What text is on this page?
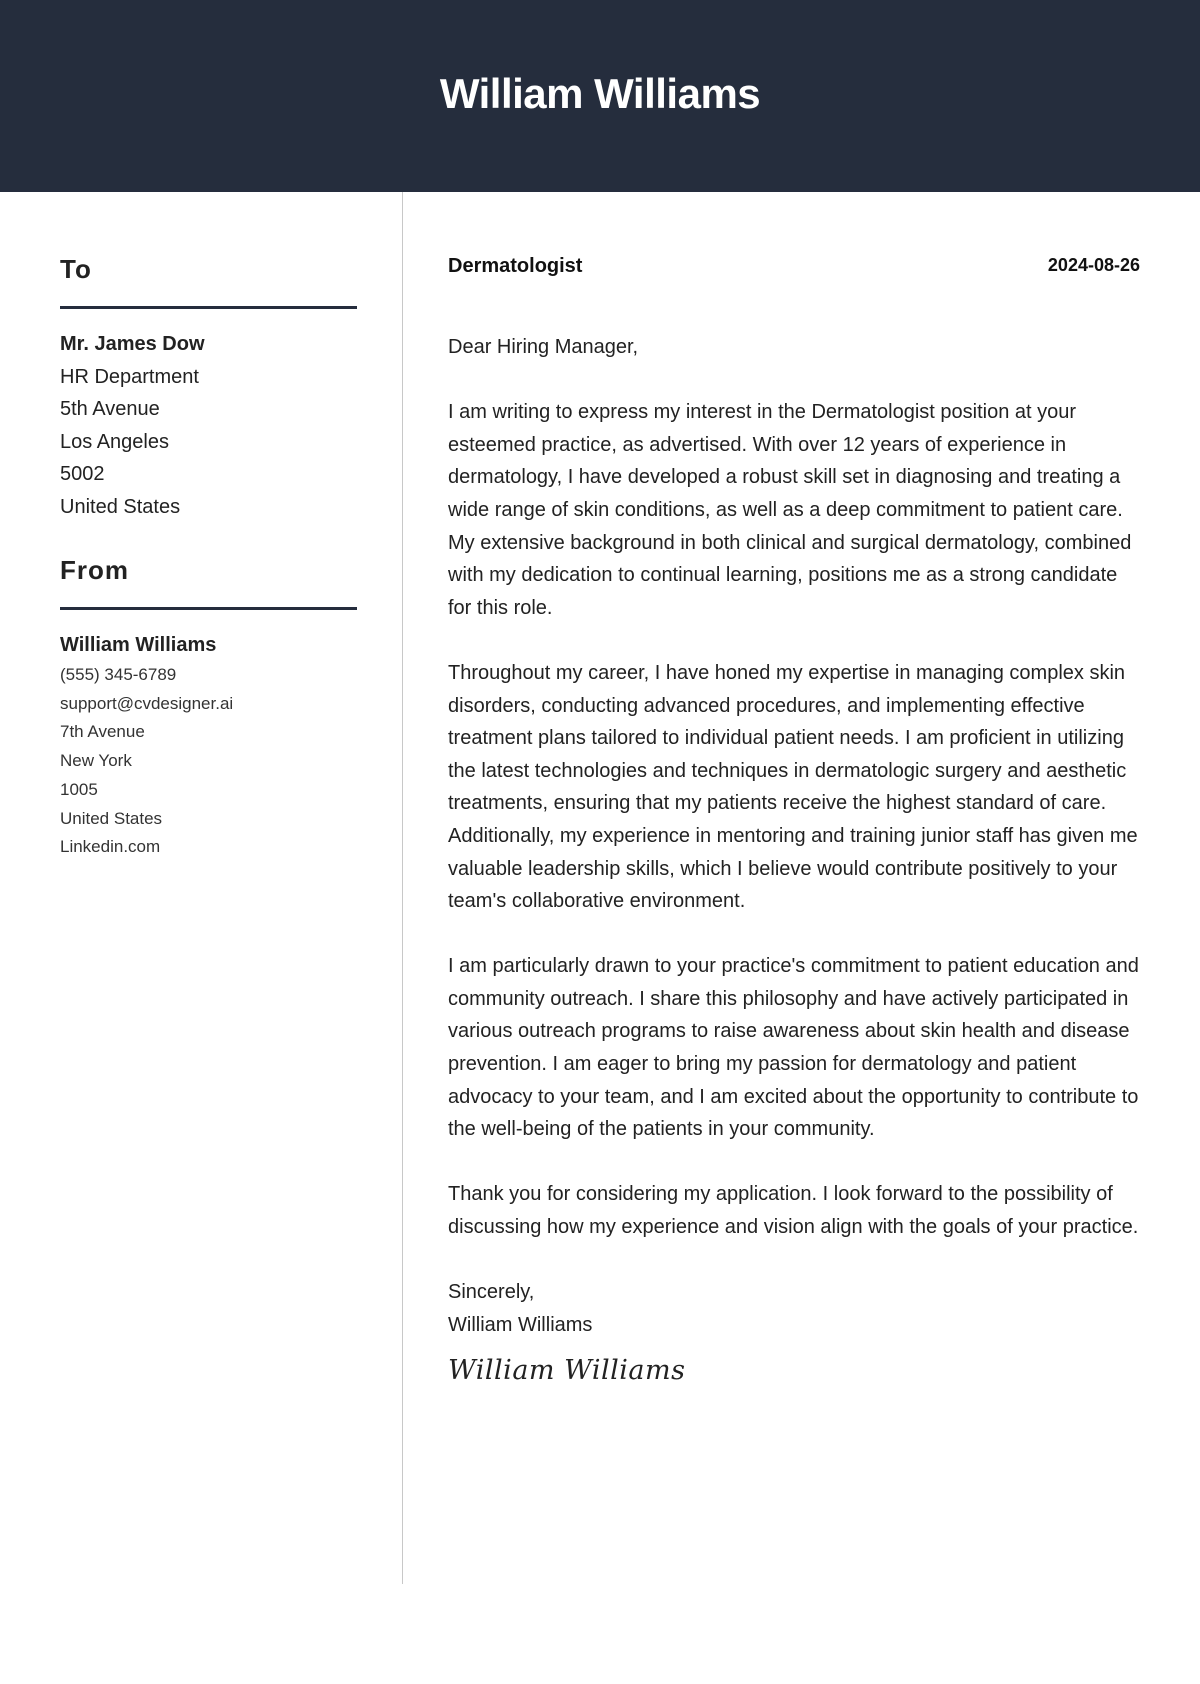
William Williams
To
Mr. James Dow
HR Department
5th Avenue
Los Angeles
5002
United States
From
William Williams
(555) 345-6789
support@cvdesigner.ai
7th Avenue
New York
1005
United States
Linkedin.com
Dermatologist	2024-08-26

Dear Hiring Manager,

I am writing to express my interest in the Dermatologist position at your esteemed practice, as advertised. With over 12 years of experience in dermatology, I have developed a robust skill set in diagnosing and treating a wide range of skin conditions, as well as a deep commitment to patient care. My extensive background in both clinical and surgical dermatology, combined with my dedication to continual learning, positions me as a strong candidate for this role.

Throughout my career, I have honed my expertise in managing complex skin disorders, conducting advanced procedures, and implementing effective treatment plans tailored to individual patient needs. I am proficient in utilizing the latest technologies and techniques in dermatologic surgery and aesthetic treatments, ensuring that my patients receive the highest standard of care. Additionally, my experience in mentoring and training junior staff has given me valuable leadership skills, which I believe would contribute positively to your team's collaborative environment.

I am particularly drawn to your practice's commitment to patient education and community outreach. I share this philosophy and have actively participated in various outreach programs to raise awareness about skin health and disease prevention. I am eager to bring my passion for dermatology and patient advocacy to your team, and I am excited about the opportunity to contribute to the well-being of the patients in your community.

Thank you for considering my application. I look forward to the possibility of discussing how my experience and vision align with the goals of your practice.

Sincerely,
William Williams
William Williams
